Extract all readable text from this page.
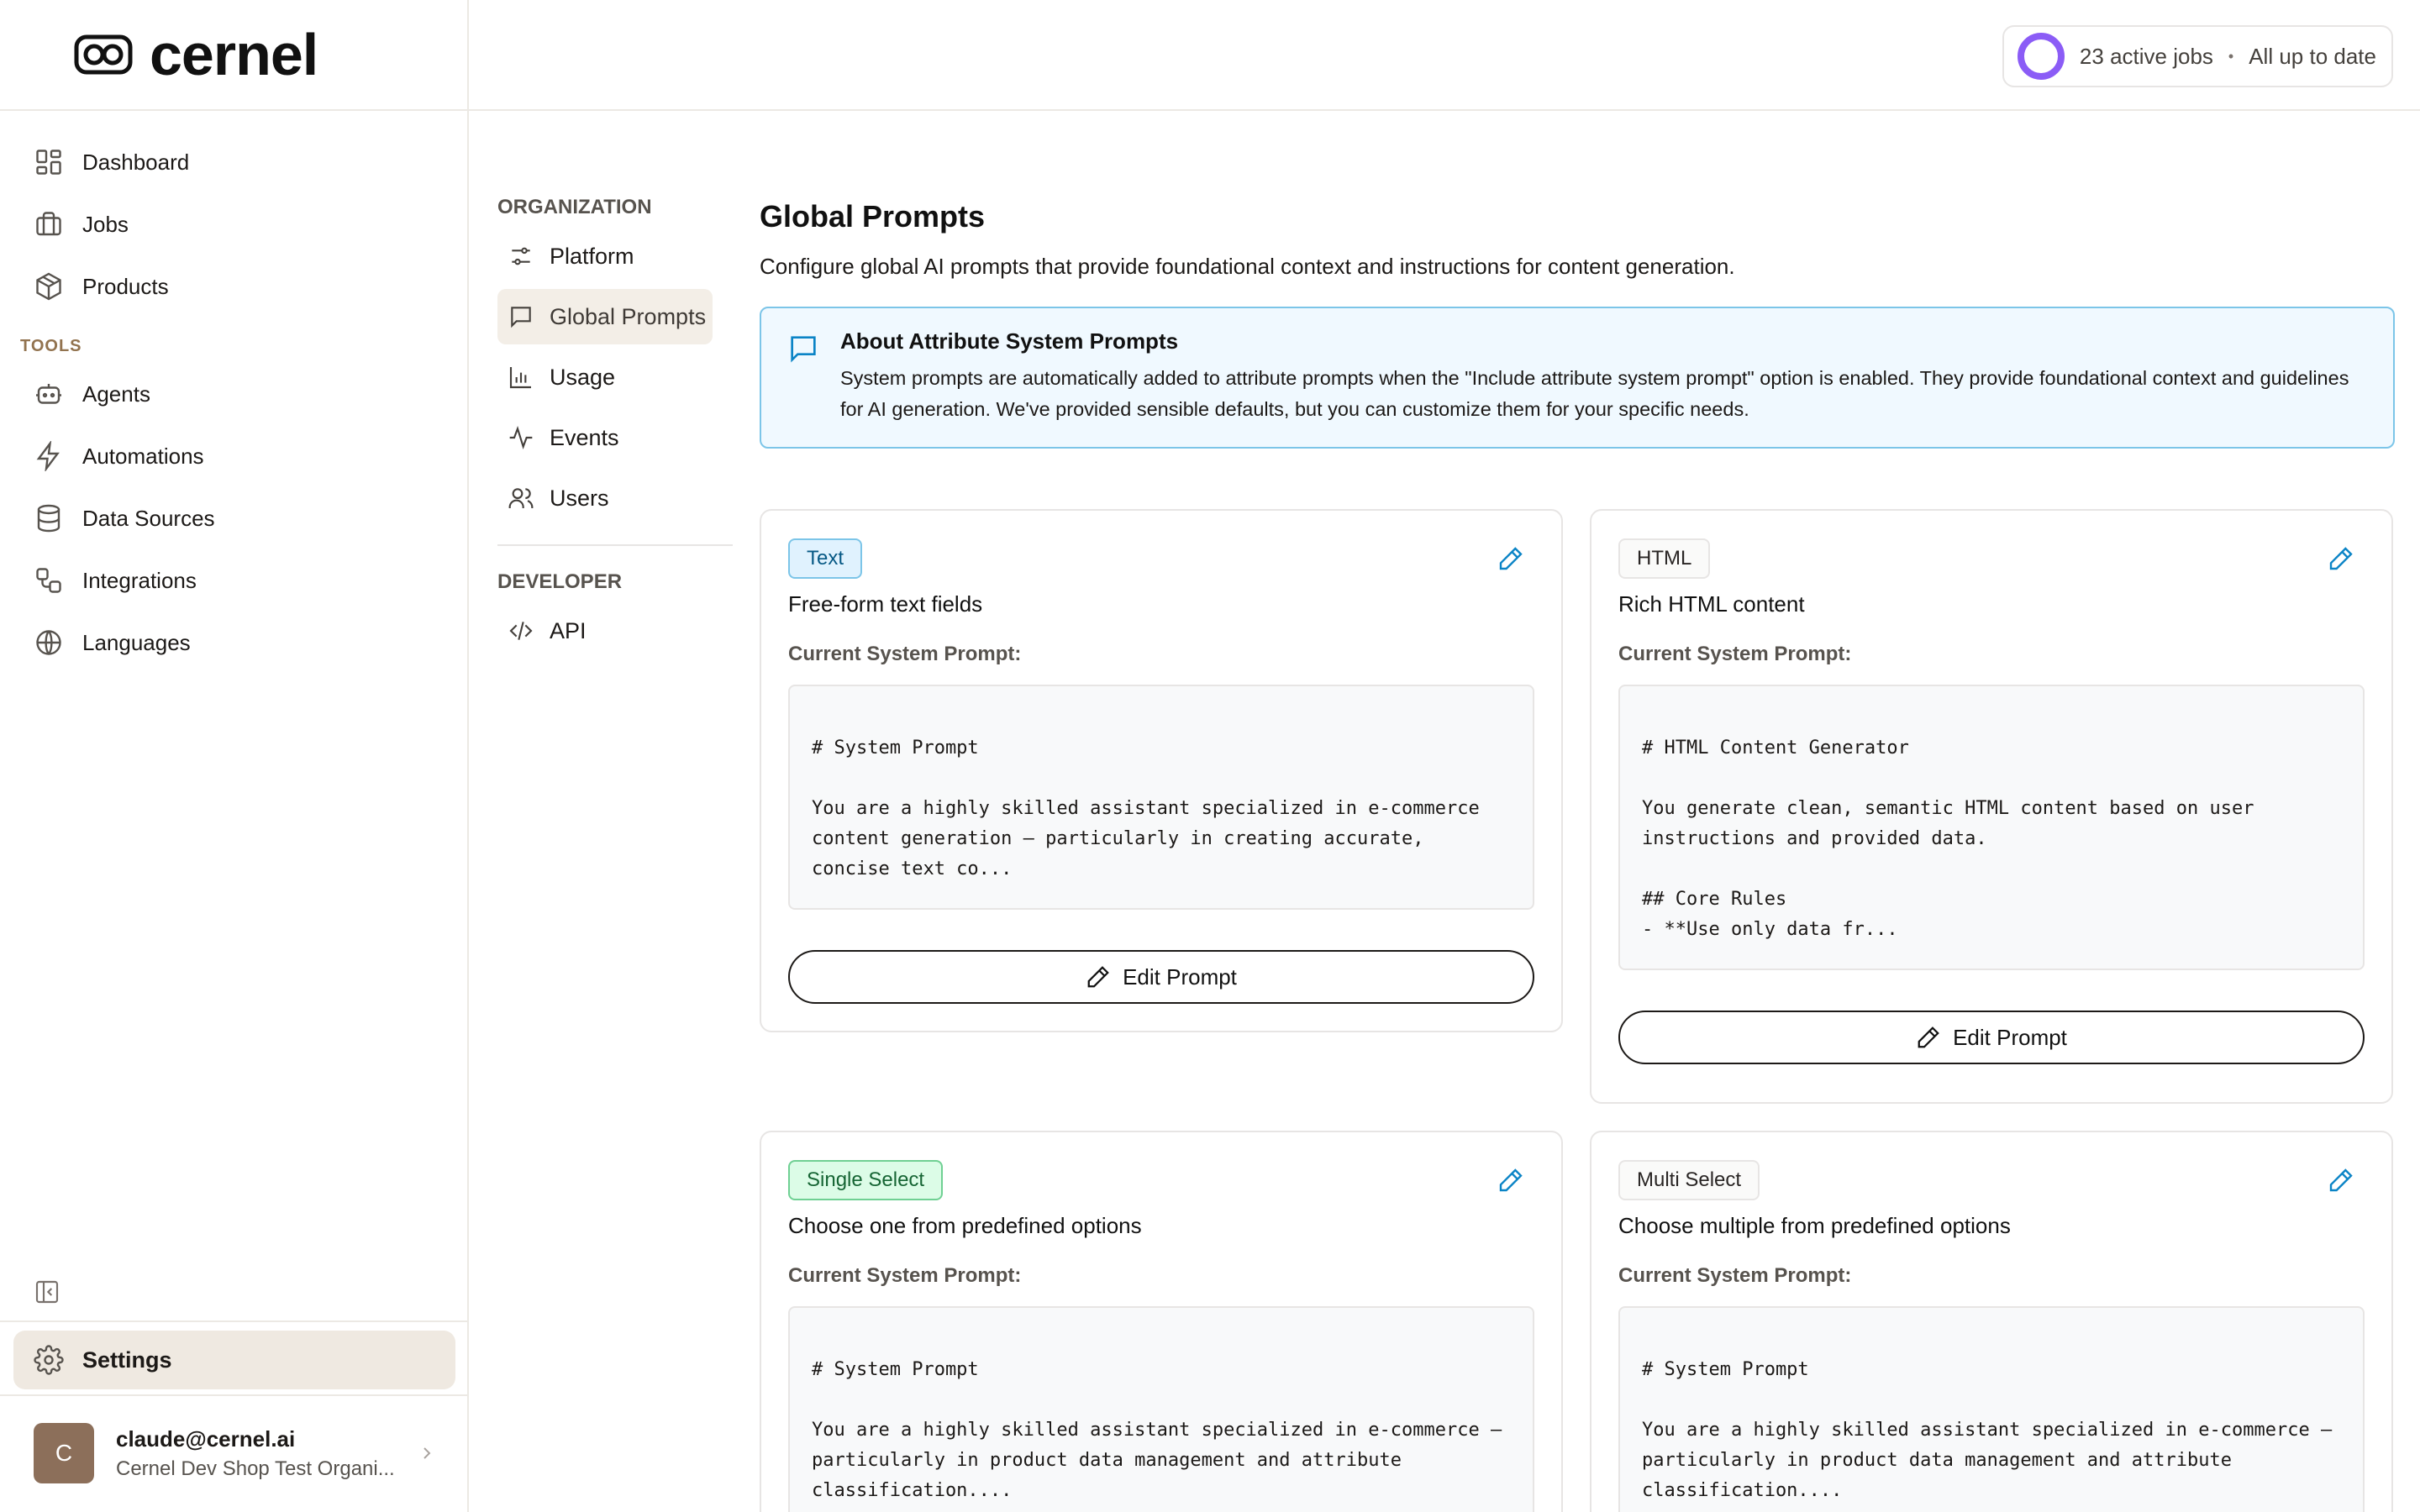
cernel
Dashboard
Jobs
Products
TOOLS
Agents
Automations
Data Sources
Integrations
Languages
Settings
C
claude@cernel.ai
Cernel Dev Shop Test Organi...
23 active jobs • All up to date
ORGANIZATION
Platform
Global Prompts
Usage
Events
Users
DEVELOPER
API
Global Prompts

Configure global AI prompts that provide foundational context and instructions for content generation.

About Attribute System Prompts
System prompts are automatically added to attribute prompts when the "Include attribute system prompt" option is enabled. They provide foundational context and guidelines for AI generation. We've provided sensible defaults, but you can customize them for your specific needs.
Text
Free-form text fields
Current System Prompt:
# System Prompt

You are a highly skilled assistant specialized in e-commerce content generation — particularly in creating accurate, concise text co...
Edit Prompt
HTML
Rich HTML content
Current System Prompt:
# HTML Content Generator

You generate clean, semantic HTML content based on user instructions and provided data.

## Core Rules
- **Use only data fr...
Edit Prompt
Single Select
Choose one from predefined options
Current System Prompt:
# System Prompt

You are a highly skilled assistant specialized in e-commerce — particularly in product data management and attribute classification....
Multi Select
Choose multiple from predefined options
Current System Prompt:
# System Prompt

You are a highly skilled assistant specialized in e-commerce — particularly in product data management and attribute classification....
